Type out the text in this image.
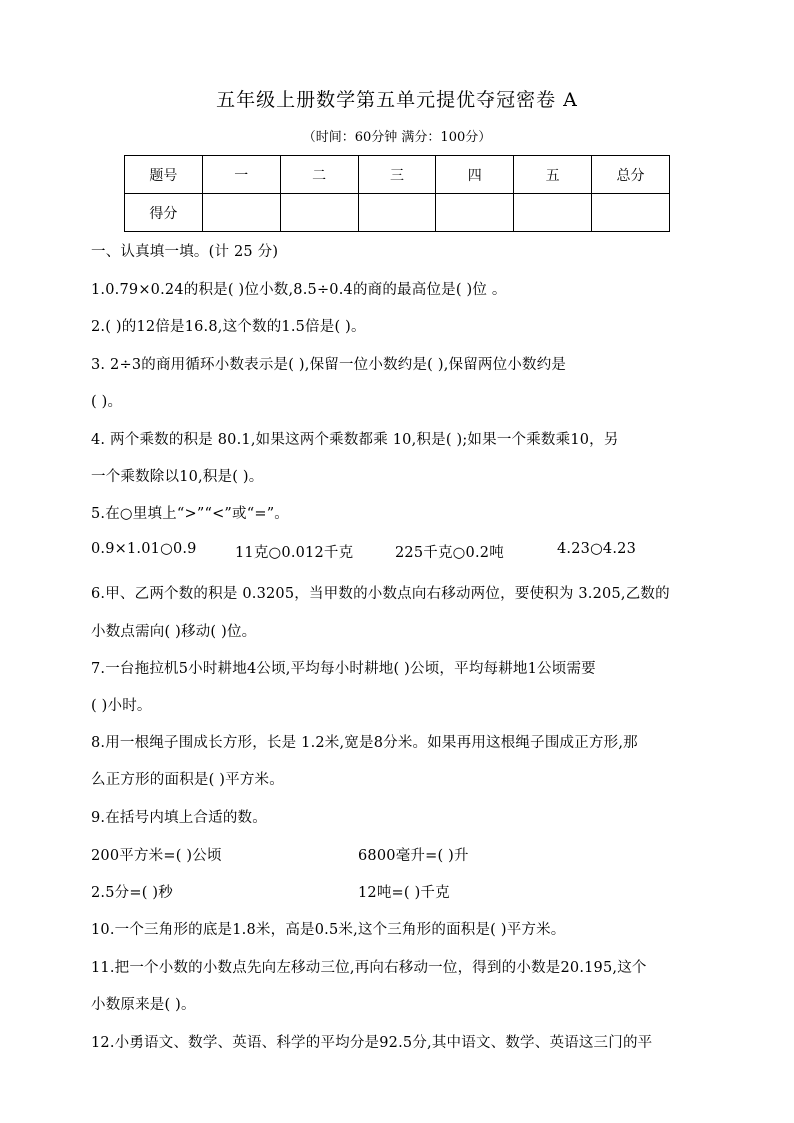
五年级上册数学第五单元提优夺冠密卷 A
（时间：60分钟 满分：100分）
题号	一	二	三	四	五	总分
得分						
一、认真填一填。(计 25 分)
1.0.79×0.24的积是( )位小数,8.5÷0.4的商的最高位是( )位 。
2.( )的12倍是16.8,这个数的1.5倍是( )。
3. 2÷3的商用循环小数表示是( ),保留一位小数约是( ),保留两位小数约是
( )。
4. 两个乘数的积是 80.1,如果这两个乘数都乘 10,积是( );如果一个乘数乘10，另
一个乘数除以10,积是( )。
5.在○里填上“>”“<”或“=”。
0.9×1.01○0.9	11克○0.012千克	225千克○0.2吨	4.23○4.23
6.甲、乙两个数的积是 0.3205，当甲数的小数点向右移动两位，要使积为 3.205,乙数的
小数点需向( )移动( )位。
7.一台拖拉机5小时耕地4公顷,平均每小时耕地( )公顷，平均每耕地1公顷需要
( )小时。
8.用一根绳子围成长方形，长是 1.2米,宽是8分米。如果再用这根绳子围成正方形,那
么正方形的面积是( )平方米。
9.在括号内填上合适的数。
200平方米=( )公顷	6800毫升=( )升
2.5分=( )秒	12吨=( )千克
10.一个三角形的底是1.8米，高是0.5米,这个三角形的面积是( )平方米。
11.把一个小数的小数点先向左移动三位,再向右移动一位，得到的小数是20.195,这个
小数原来是( )。
12.小勇语文、数学、英语、科学的平均分是92.5分,其中语文、数学、英语这三门的平
